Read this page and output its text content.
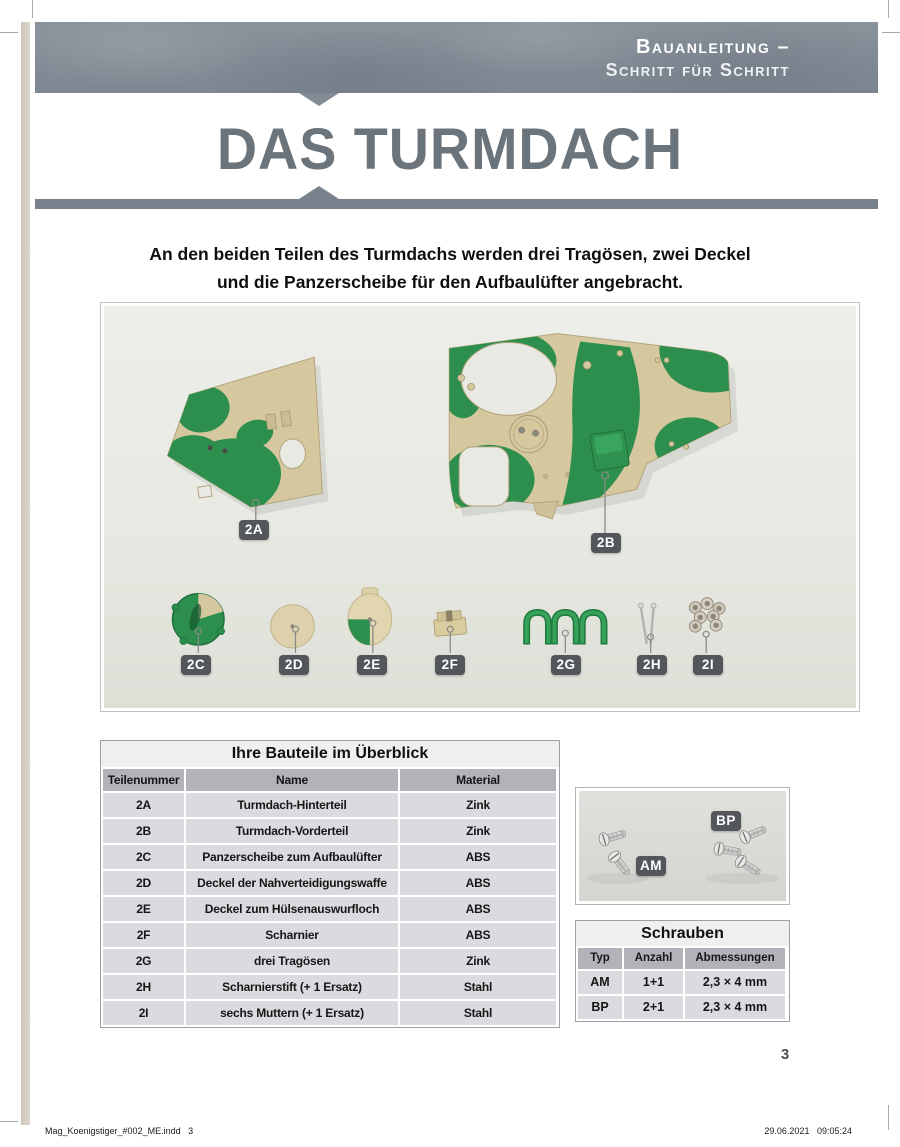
Bauanleitung –
Schritt für Schritt
DAS TURMDACH
An den beiden Teilen des Turmdachs werden drei Tragösen, zwei Deckel
und die Panzerscheibe für den Aufbaulüfter angebracht.
2A
2B
2C	2D	2E	2F	2G	2H	2I
Ihre Bauteile im Überblick
Teilenummer	Name	Material
2A	Turmdach-Hinterteil	Zink
2B	Turmdach-Vorderteil	Zink
2C	Panzerscheibe zum Aufbaulüfter	ABS
2D	Deckel der Nahverteidigungswaffe	ABS
2E	Deckel zum Hülsenauswurfloch	ABS
2F	Scharnier	ABS
2G	drei Tragösen	Zink
2H	Scharnierstift (+ 1 Ersatz)	Stahl
2I	sechs Muttern (+ 1 Ersatz)	Stahl
AM
BP
Schrauben
Typ	Anzahl	Abmessungen
AM	1+1	2,3 × 4 mm
BP	2+1	2,3 × 4 mm
3
Mag_Koenigstiger_#002_ME.indd   3	29.06.2021   09:05:24
